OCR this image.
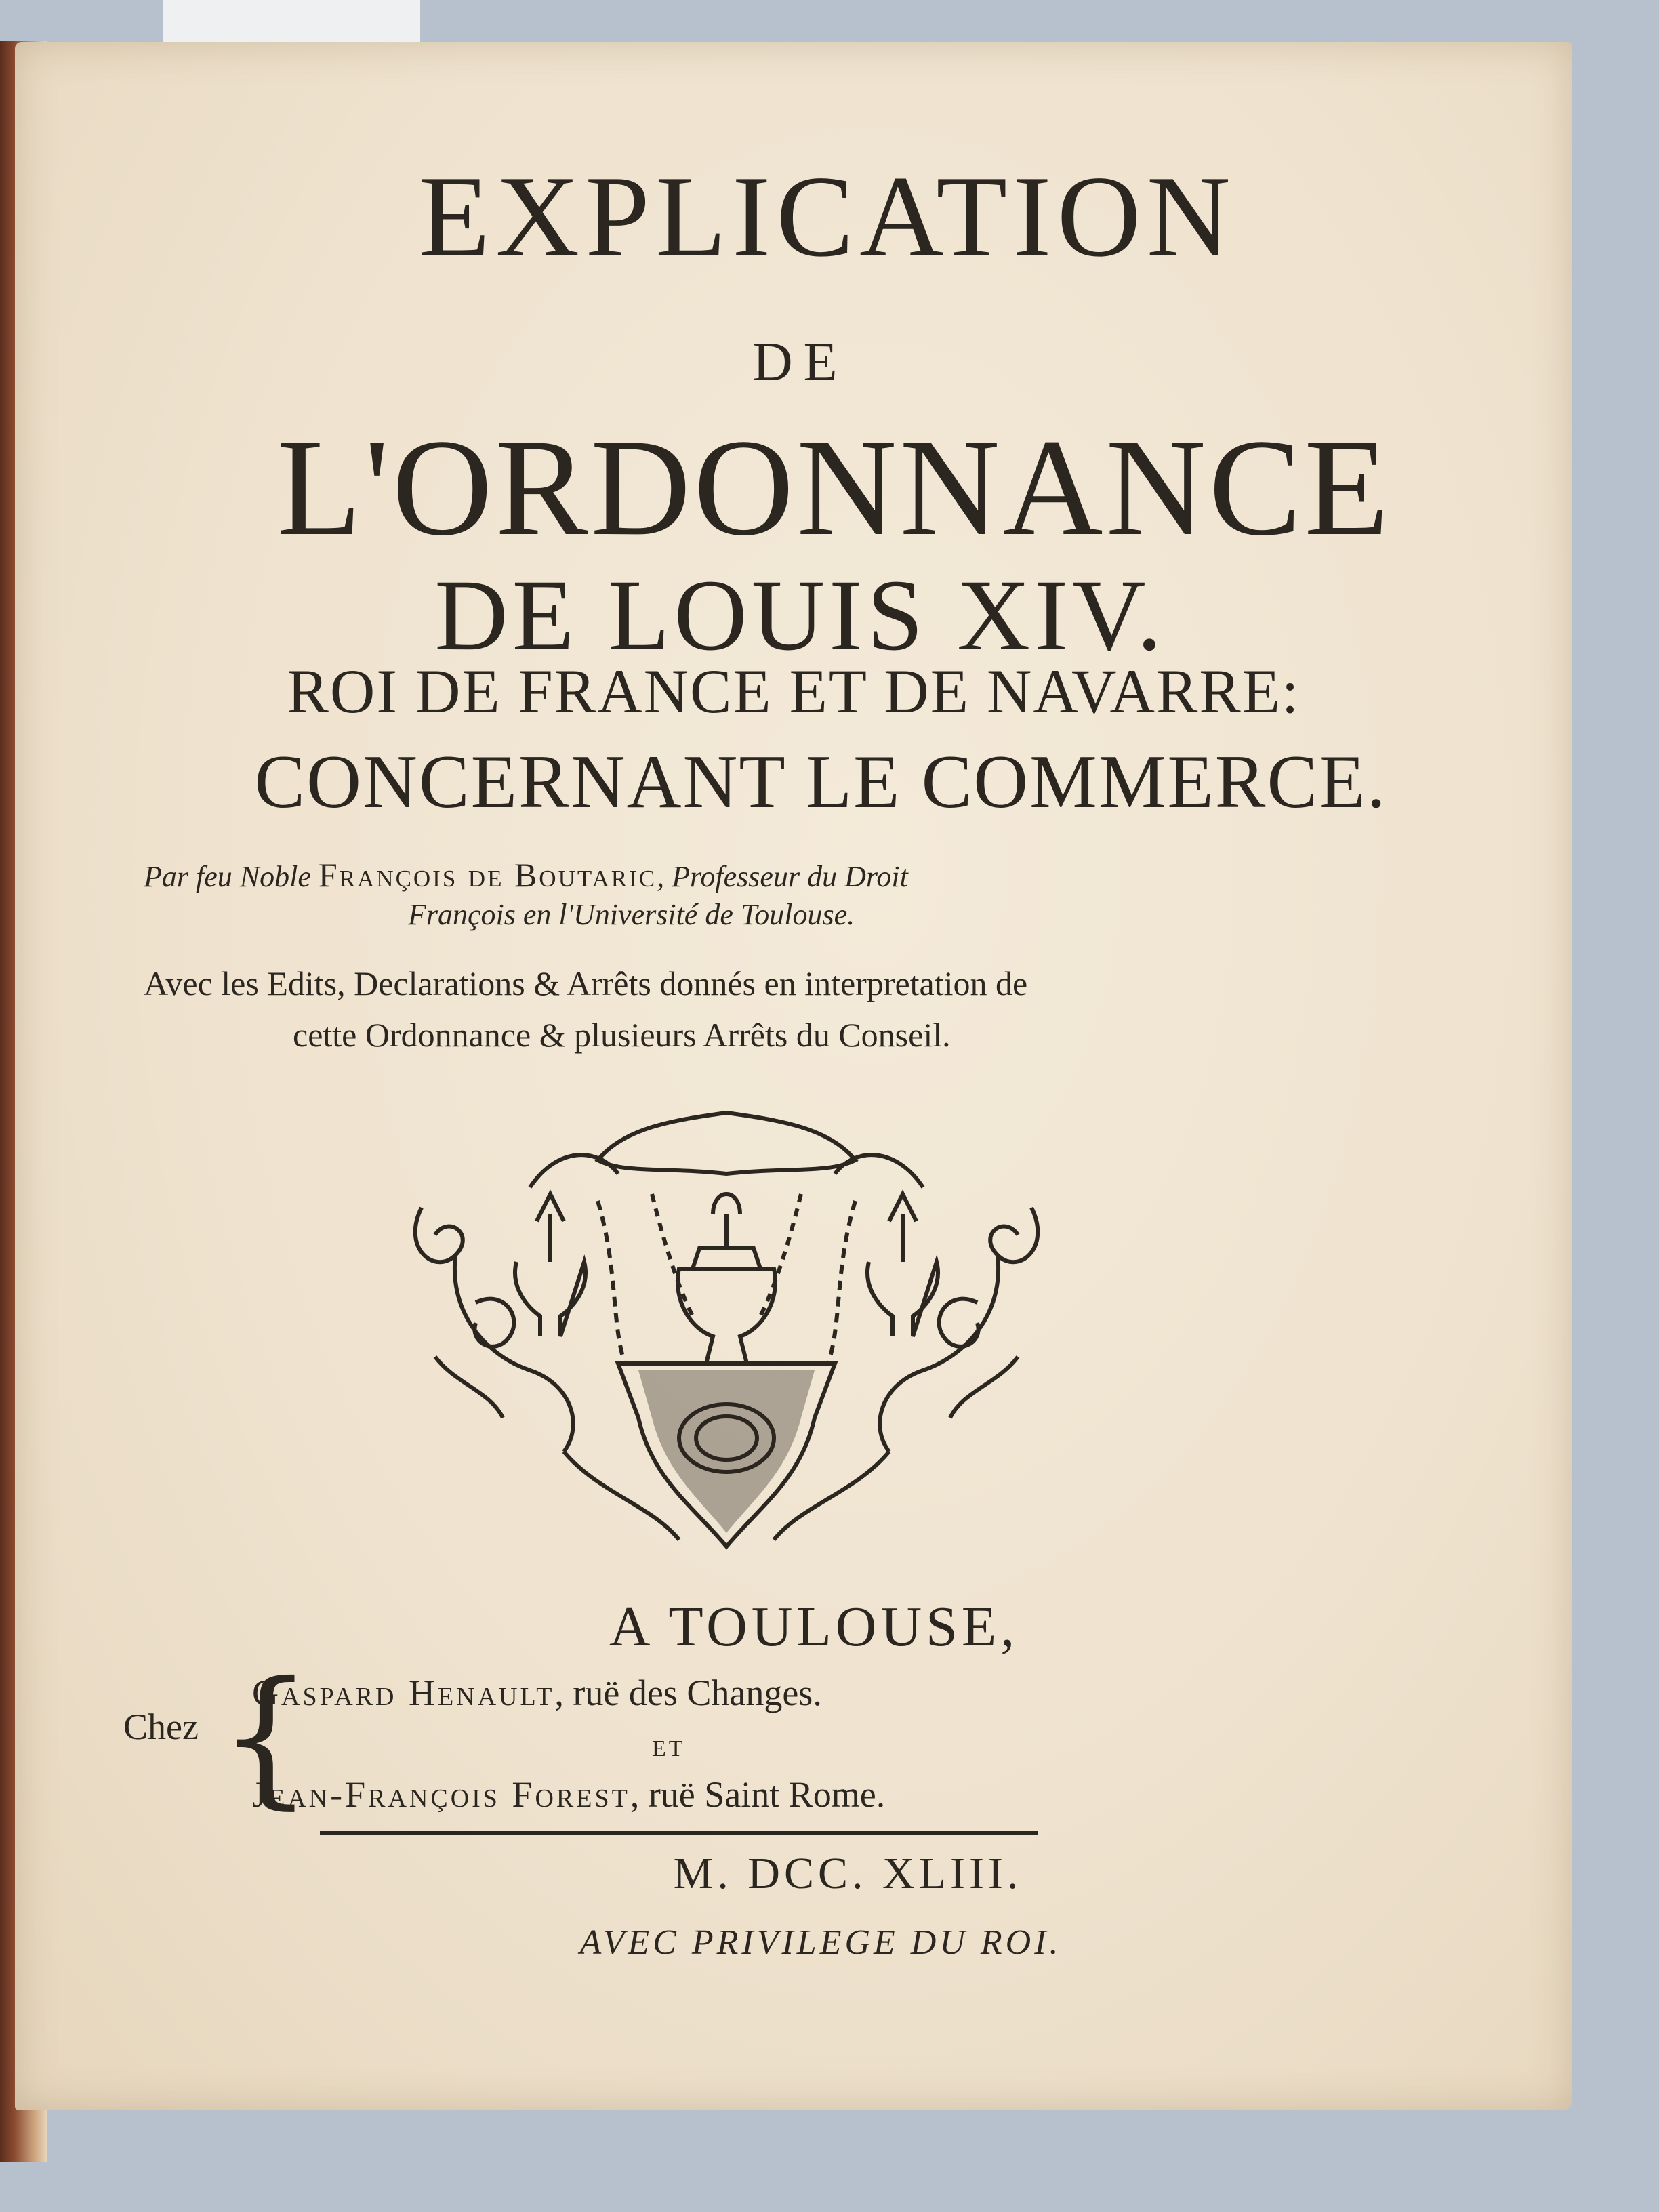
EXPLICATION
DE
L'ORDONNANCE
DE LOUIS XIV.
ROI DE FRANCE ET DE NAVARRE:
CONCERNANT LE COMMERCE.
Par feu Noble François de Boutaric, Professeur du Droit
François en l'Université de Toulouse.
Avec les Edits, Declarations & Arrêts donnés en interpretation de
cette Ordonnance & plusieurs Arrêts du Conseil.
A TOULOUSE,
Chez {
Gaspard Henault, ruë des Changes.
ET
Jean-François Forest, ruë Saint Rome.
M. DCC. XLIII.
AVEC PRIVILEGE DU ROI.
